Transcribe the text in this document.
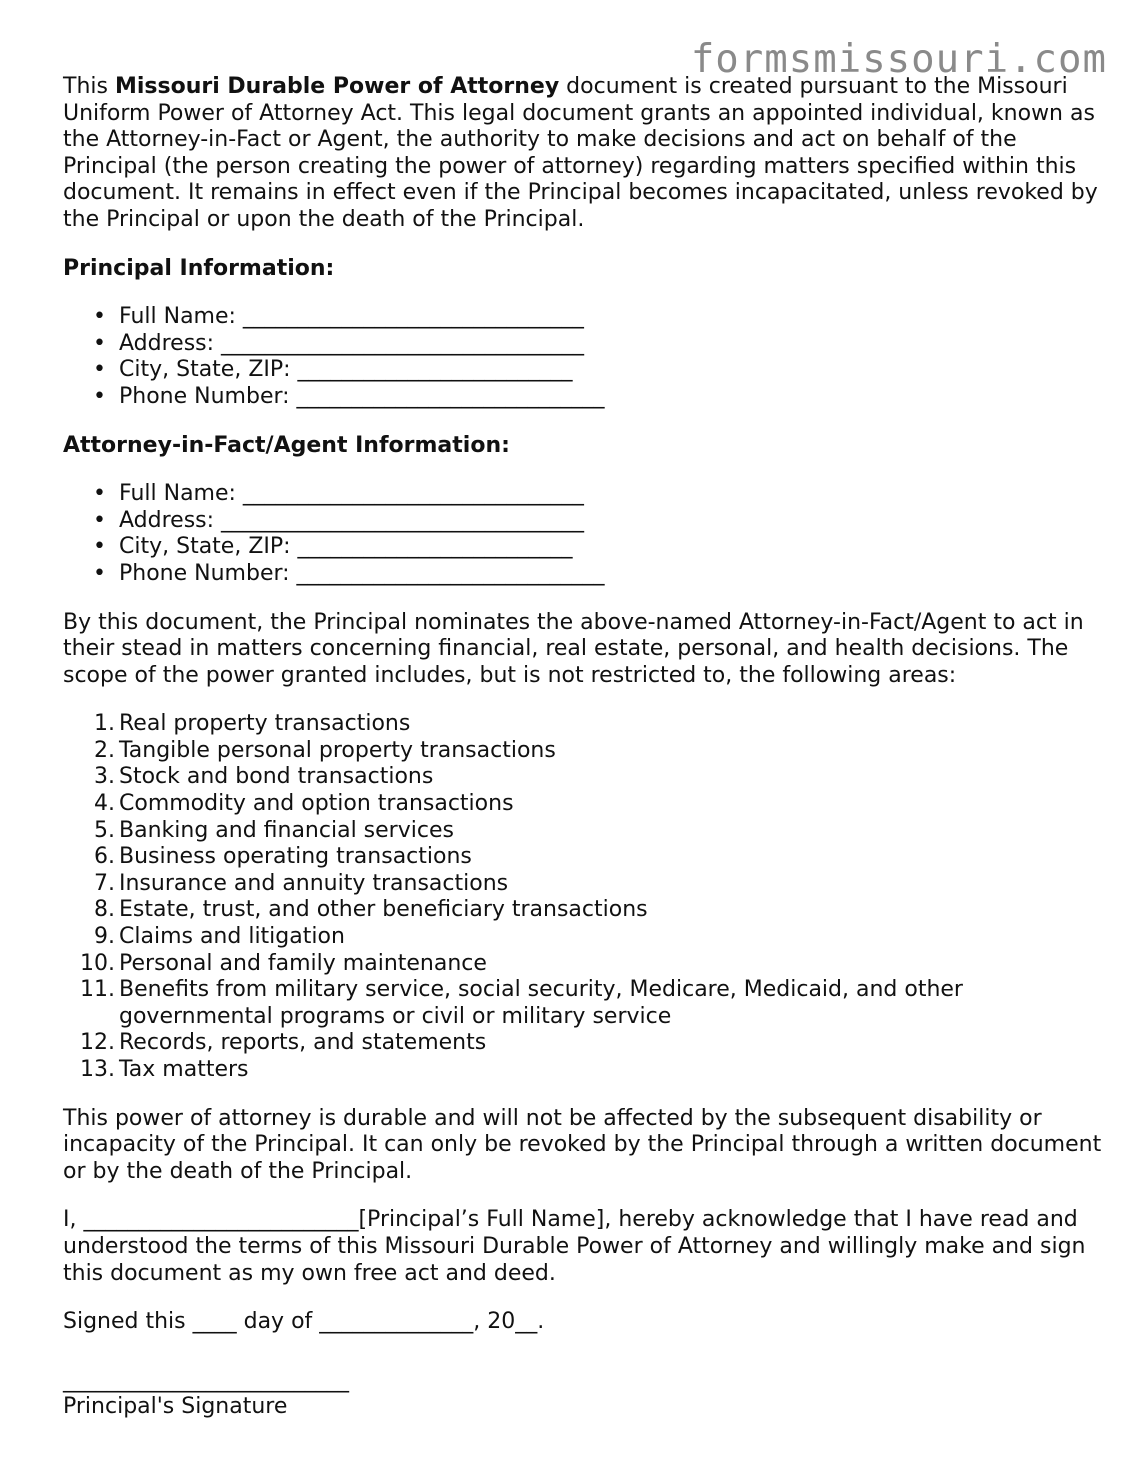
formsmissouri.com

This Missouri Durable Power of Attorney document is created pursuant to the Missouri Uniform Power of Attorney Act. This legal document grants an appointed individual, known as the Attorney-in-Fact or Agent, the authority to make decisions and act on behalf of the Principal (the person creating the power of attorney) regarding matters specified within this document. It remains in effect even if the Principal becomes incapacitated, unless revoked by the Principal or upon the death of the Principal.

Principal Information:

• Full Name: _______________________________
• Address: _________________________________
• City, State, ZIP: _________________________
• Phone Number: ____________________________

Attorney-in-Fact/Agent Information:

• Full Name: _______________________________
• Address: _________________________________
• City, State, ZIP: _________________________
• Phone Number: ____________________________

By this document, the Principal nominates the above-named Attorney-in-Fact/Agent to act in their stead in matters concerning financial, real estate, personal, and health decisions. The scope of the power granted includes, but is not restricted to, the following areas:

1. Real property transactions
2. Tangible personal property transactions
3. Stock and bond transactions
4. Commodity and option transactions
5. Banking and financial services
6. Business operating transactions
7. Insurance and annuity transactions
8. Estate, trust, and other beneficiary transactions
9. Claims and litigation
10. Personal and family maintenance
11. Benefits from military service, social security, Medicare, Medicaid, and other governmental programs or civil or military service
12. Records, reports, and statements
13. Tax matters

This power of attorney is durable and will not be affected by the subsequent disability or incapacity of the Principal. It can only be revoked by the Principal through a written document or by the death of the Principal.

I, _________________________[Principal’s Full Name], hereby acknowledge that I have read and understood the terms of this Missouri Durable Power of Attorney and willingly make and sign this document as my own free act and deed.

Signed this ____ day of ______________, 20__.

__________________________
Principal's Signature
